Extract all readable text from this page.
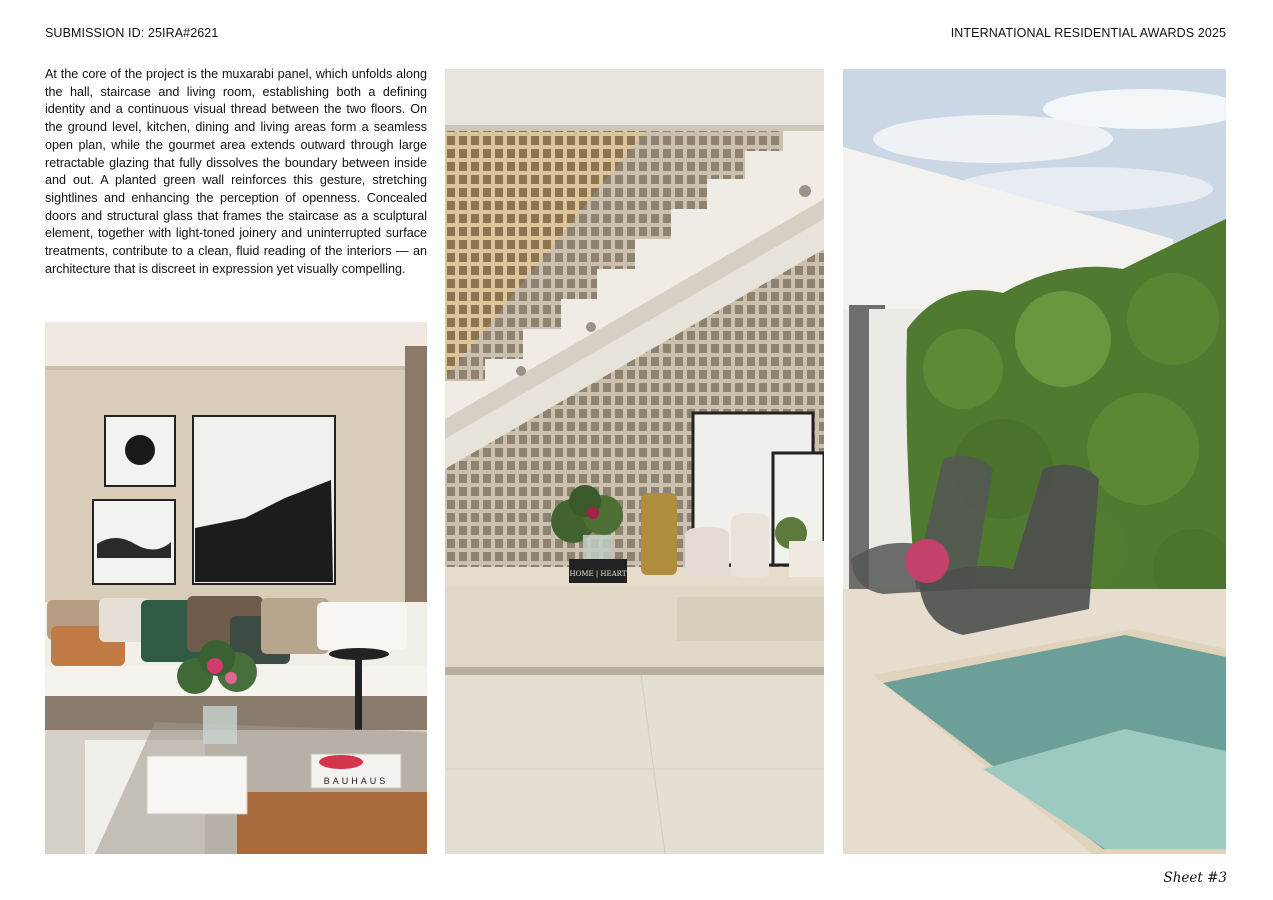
SUBMISSION ID: 25IRA#2621	INTERNATIONAL RESIDENTIAL AWARDS 2025

At the core of the project is the muxarabi panel, which unfolds along the hall, staircase and living room, establishing both a defining identity and a continuous visual thread between the two floors. On the ground level, kitchen, dining and living areas form a seamless open plan, while the gourmet area extends outward through large retractable glazing that fully dissolves the boundary between inside and out. A planted green wall reinforces this gesture, stretching sightlines and enhancing the perception of openness. Concealed doors and structural glass that frames the staircase as a sculptural element, together with light-toned joinery and uninterrupted surface treatments, contribute to a clean, fluid reading of the interiors — an architecture that is discreet in expression yet visually compelling.

BAUHAUS
HOME | HEART
Sheet #3
